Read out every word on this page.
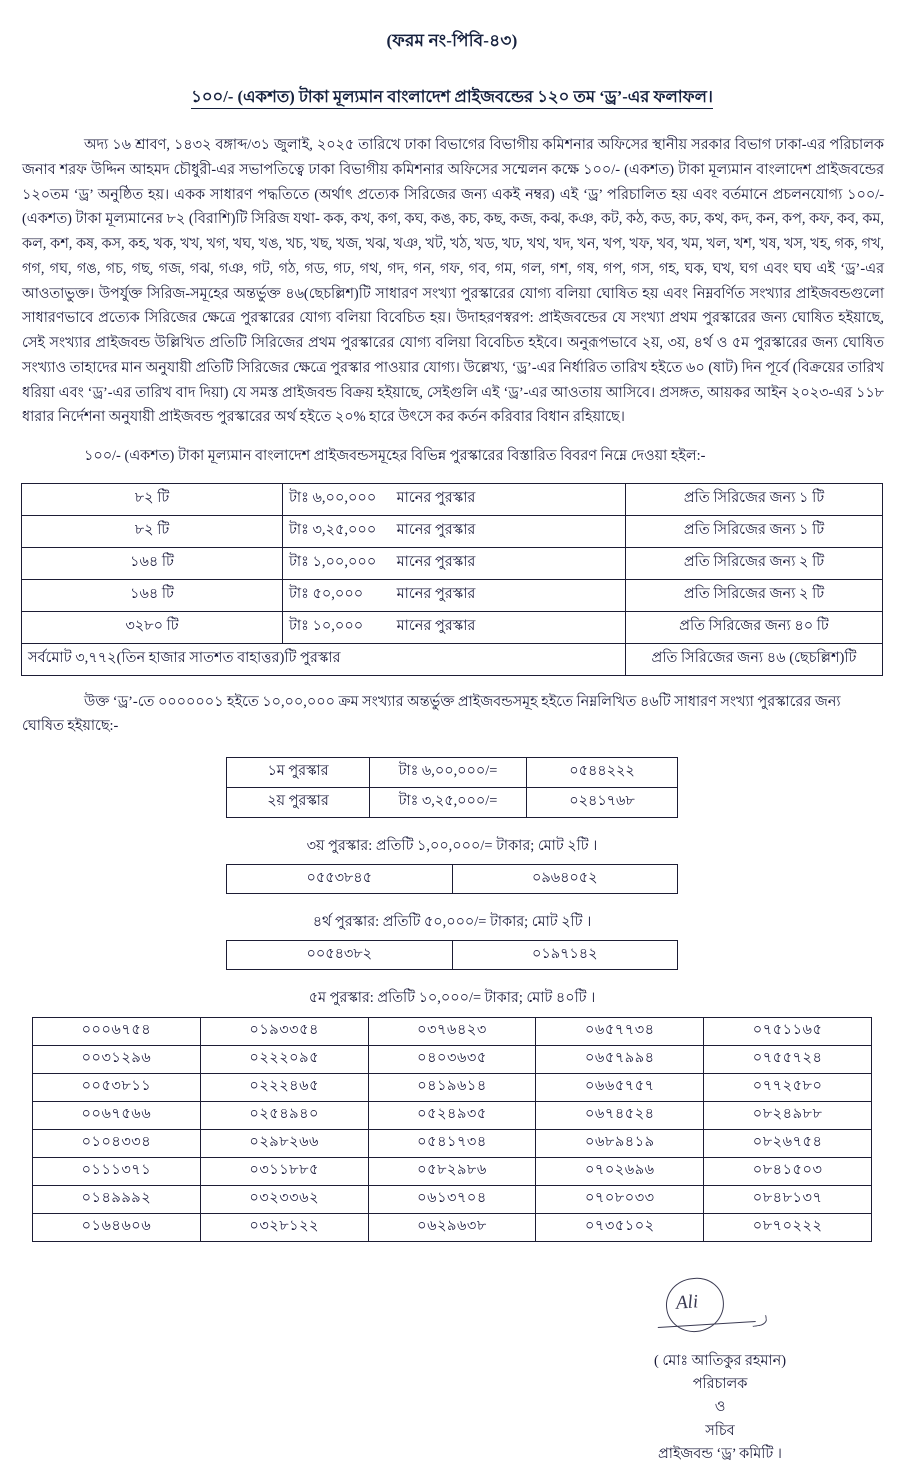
(ফরম নং-পিবি-৪৩)
১০০/- (একশত) টাকা মূল্যমান বাংলাদেশ প্রাইজবন্ডের ১২০ তম ‘ড্র’-এর ফলাফল।

অদ্য ১৬ শ্রাবণ, ১৪৩২ বঙ্গাব্দ/৩১ জুলাই, ২০২৫ তারিখে ঢাকা বিভাগের বিভাগীয় কমিশনার অফিসের স্থানীয় সরকার বিভাগ ঢাকা-এর পরিচালক জনাব শরফ উদ্দিন আহমদ চৌধুরী-এর সভাপতিত্বে ঢাকা বিভাগীয় কমিশনার অফিসের সম্মেলন কক্ষে ১০০/- (একশত) টাকা মূল্যমান বাংলাদেশ প্রাইজবন্ডের ১২০তম ‘ড্র’ অনুষ্ঠিত হয়। একক সাধারণ পদ্ধতিতে (অর্থাৎ প্রত্যেক সিরিজের জন্য একই নম্বর) এই ‘ড্র’ পরিচালিত হয় এবং বর্তমানে প্রচলনযোগ্য ১০০/- (একশত) টাকা মূল্যমানের ৮২ (বিরাশি)টি সিরিজ যথা- কক, কখ, কগ, কঘ, কঙ, কচ, কছ, কজ, কঝ, কঞ, কট, কঠ, কড, কঢ, কথ, কদ, কন, কপ, কফ, কব, কম, কল, কশ, কষ, কস, কহ, খক, খখ, খগ, খঘ, খঙ, খচ, খছ, খজ, খঝ, খঞ, খট, খঠ, খড, খঢ, খথ, খদ, খন, খপ, খফ, খব, খম, খল, খশ, খষ, খস, খহ, গক, গখ, গগ, গঘ, গঙ, গচ, গছ, গজ, গঝ, গঞ, গট, গঠ, গড, গঢ, গথ, গদ, গন, গফ, গব, গম, গল, গশ, গষ, গপ, গস, গহ, ঘক, ঘখ, ঘগ এবং ঘঘ এই ‘ড্র’-এর আওতাভুক্ত। উপর্যুক্ত সিরিজ-সমূহের অন্তর্ভুক্ত ৪৬(ছেচল্লিশ)টি সাধারণ সংখ্যা পুরস্কারের যোগ্য বলিয়া ঘোষিত হয় এবং নিম্নবর্ণিত সংখ্যার প্রাইজবন্ডগুলো সাধারণভাবে প্রত্যেক সিরিজের ক্ষেত্রে পুরস্কারের যোগ্য বলিয়া বিবেচিত হয়। উদাহরণস্বরপ: প্রাইজবন্ডের যে সংখ্যা প্রথম পুরস্কারের জন্য ঘোষিত হইয়াছে, সেই সংখ্যার প্রাইজবন্ড উল্লিখিত প্রতিটি সিরিজের প্রথম পুরস্কারের যোগ্য বলিয়া বিবেচিত হইবে। অনুরূপভাবে ২য়, ৩য়, ৪র্থ ও ৫ম পুরস্কারের জন্য ঘোষিত সংখ্যাও তাহাদের মান অনুযায়ী প্রতিটি সিরিজের ক্ষেত্রে পুরস্কার পাওয়ার যোগ্য। উল্লেখ্য, ‘ড্র’-এর নির্ধারিত তারিখ হইতে ৬০ (ষাট) দিন পূর্বে (বিক্রয়ের তারিখ ধরিয়া এবং ‘ড্র’-এর তারিখ বাদ দিয়া) যে সমস্ত প্রাইজবন্ড বিক্রয় হইয়াছে, সেইগুলি এই ‘ড্র’-এর আওতায় আসিবে। প্রসঙ্গত, আয়কর আইন ২০২৩-এর ১১৮ ধারার নির্দেশনা অনুযায়ী প্রাইজবন্ড পুরস্কারের অর্থ হইতে ২০% হারে উৎসে কর কর্তন করিবার বিধান রহিয়াছে।

১০০/- (একশত) টাকা মূল্যমান বাংলাদেশ প্রাইজবন্ডসমূহের বিভিন্ন পুরস্কারের বিস্তারিত বিবরণ নিম্নে দেওয়া হইল:-

৮২ টি	টাঃ ৬,০০,০০০ মানের পুরস্কার	প্রতি সিরিজের জন্য ১ টি
৮২ টি	টাঃ ৩,২৫,০০০ মানের পুরস্কার	প্রতি সিরিজের জন্য ১ টি
১৬৪ টি	টাঃ ১,০০,০০০ মানের পুরস্কার	প্রতি সিরিজের জন্য ২ টি
১৬৪ টি	টাঃ ৫০,০০০ মানের পুরস্কার	প্রতি সিরিজের জন্য ২ টি
৩২৮০ টি	টাঃ ১০,০০০ মানের পুরস্কার	প্রতি সিরিজের জন্য ৪০ টি
সর্বমোট ৩,৭৭২(তিন হাজার সাতশত বাহাত্তর)টি পুরস্কার		প্রতি সিরিজের জন্য ৪৬ (ছেচল্লিশ)টি

উক্ত ‘ড্র’-তে ০০০০০০১ হইতে ১০,০০,০০০ ক্রম সংখ্যার অন্তর্ভুক্ত প্রাইজবন্ডসমূহ হইতে নিম্নলিখিত ৪৬টি সাধারণ সংখ্যা পুরস্কারের জন্য ঘোষিত হইয়াছে:-

১ম পুরস্কার	টাঃ ৬,০০,০০০/=	০৫৪৪২২২
২য় পুরস্কার	টাঃ ৩,২৫,০০০/=	০২৪১৭৬৮
৩য় পুরস্কার: প্রতিটি ১,০০,০০০/= টাকার; মোট ২টি ।
০৫৫৩৮৪৫	০৯৬৪০৫২
৪র্থ পুরস্কার: প্রতিটি ৫০,০০০/= টাকার; মোট ২টি ।
০০৫৪৩৮২	০১৯৭১৪২
৫ম পুরস্কার: প্রতিটি ১০,০০০/= টাকার; মোট ৪০টি ।
০০০৬৭৫৪	০১৯৩৩৫৪	০৩৭৬৪২৩	০৬৫৭৭৩৪	০৭৫১১৬৫
০০৩১২৯৬	০২২২০৯৫	০৪০৩৬৩৫	০৬৫৭৯৯৪	০৭৫৫৭২৪
০০৫৩৮১১	০২২২৪৬৫	০৪১৯৬১৪	০৬৬৫৭৫৭	০৭৭২৫৮০
০০৬৭৫৬৬	০২৫৪৯৪০	০৫২৪৯৩৫	০৬৭৪৫২৪	০৮২৪৯৮৮
০১০৪৩৩৪	০২৯৮২৬৬	০৫৪১৭৩৪	০৬৮৯৪১৯	০৮২৬৭৫৪
০১১১৩৭১	০৩১১৮৮৫	০৫৮২৯৮৬	০৭০২৬৯৬	০৮৪১৫০৩
০১৪৯৯৯২	০৩২৩৩৬২	০৬১৩৭০৪	০৭০৮০৩৩	০৮৪৮১৩৭
০১৬৪৬০৬	০৩২৮১২২	০৬২৯৬৩৮	০৭৩৫১০২	০৮৭০২২২
Ali
( মোঃ আতিকুর রহমান)
পরিচালক
ও
সচিব
প্রাইজবন্ড ‘ড্র’ কমিটি ।
